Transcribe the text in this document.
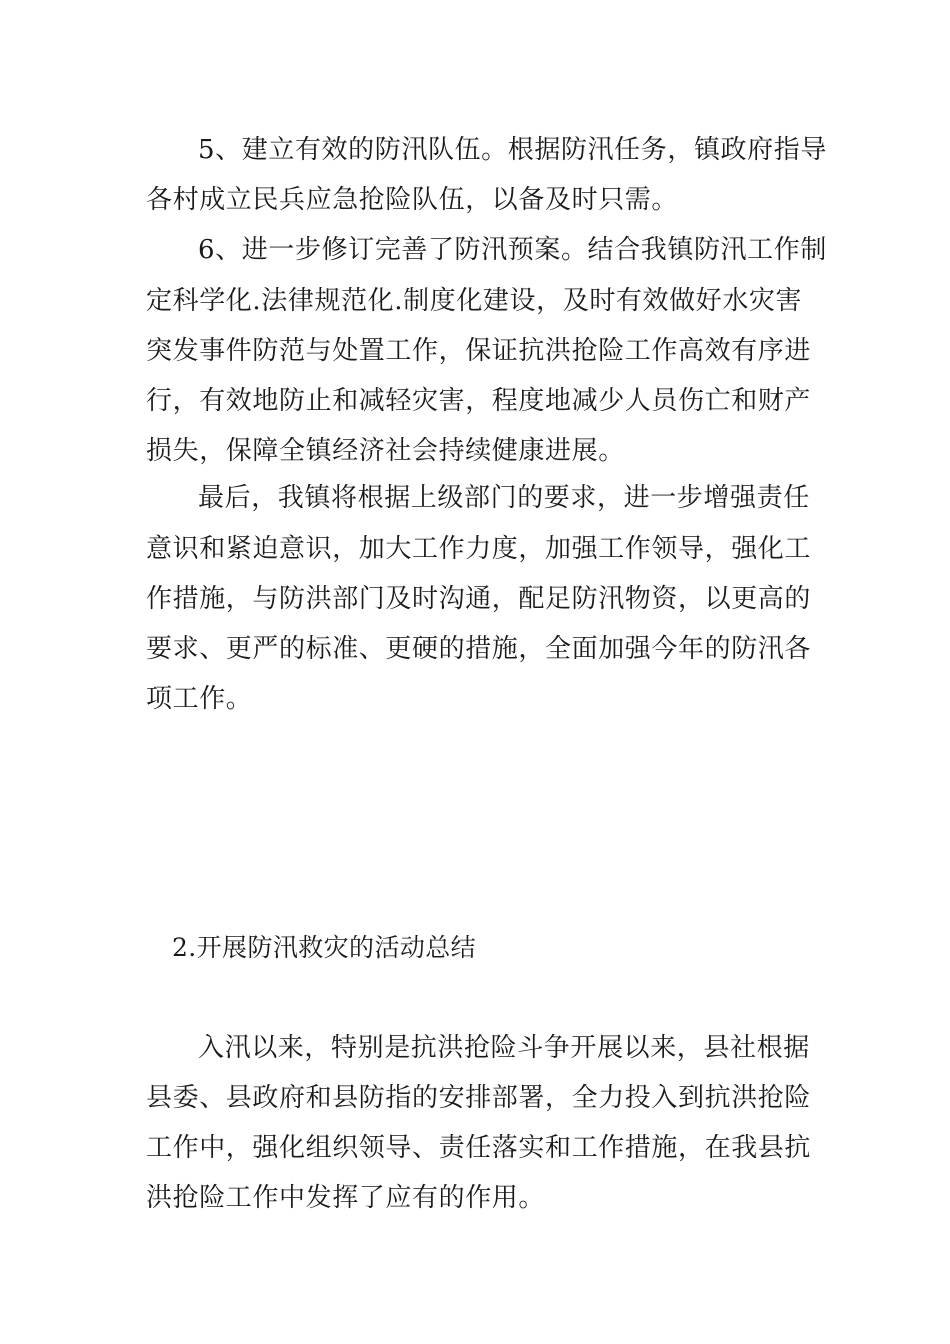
5、建立有效的防汛队伍。根据防汛任务，镇政府指导
各村成立民兵应急抢险队伍，以备及时只需。
6、进一步修订完善了防汛预案。结合我镇防汛工作制
定科学化.法律规范化.制度化建设，及时有效做好水灾害
突发事件防范与处置工作，保证抗洪抢险工作高效有序进
行，有效地防止和减轻灾害，程度地减少人员伤亡和财产
损失，保障全镇经济社会持续健康进展。
最后，我镇将根据上级部门的要求，进一步增强责任
意识和紧迫意识，加大工作力度，加强工作领导，强化工
作措施，与防洪部门及时沟通，配足防汛物资，以更高的
要求、更严的标准、更硬的措施，全面加强今年的防汛各
项工作。
2.开展防汛救灾的活动总结
入汛以来，特别是抗洪抢险斗争开展以来，县社根据
县委、县政府和县防指的安排部署，全力投入到抗洪抢险
工作中，强化组织领导、责任落实和工作措施，在我县抗
洪抢险工作中发挥了应有的作用。
